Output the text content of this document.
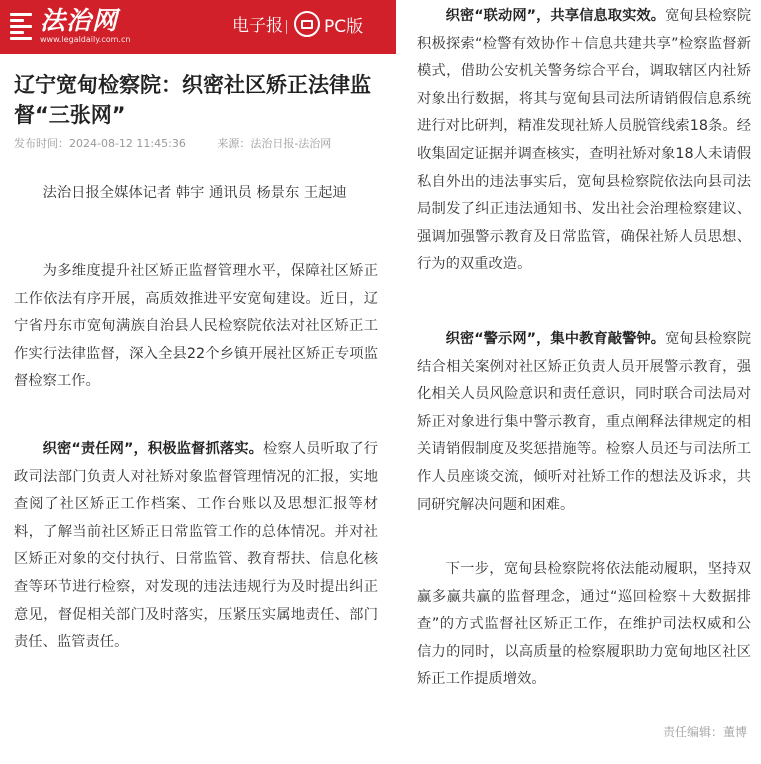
法治网
www.legaldaily.com.cn
电子报 PC版
辽宁宽甸检察院：织密社区矫正法律监督“三张网”
发布时间：2024-08-12 11:45:36	来源：法治日报-法治网

法治日报全媒体记者 韩宇 通讯员 杨景东 王起迪

为多维度提升社区矫正监督管理水平，保障社区矫正工作依法有序开展，高质效推进平安宽甸建设。近日，辽宁省丹东市宽甸满族自治县人民检察院依法对社区矫正工作实行法律监督，深入全县22个乡镇开展社区矫正专项监督检察工作。

织密“责任网”，积极监督抓落实。检察人员听取了行政司法部门负责人对社矫对象监督管理情况的汇报，实地查阅了社区矫正工作档案、工作台账以及思想汇报等材料，了解当前社区矫正日常监管工作的总体情况。并对社区矫正对象的交付执行、日常监管、教育帮扶、信息化核查等环节进行检察，对发现的违法违规行为及时提出纠正意见，督促相关部门及时落实，压紧压实属地责任、部门责任、监管责任。

织密“联动网”，共享信息取实效。宽甸县检察院积极探索“检警有效协作＋信息共建共享”检察监督新模式，借助公安机关警务综合平台，调取辖区内社矫对象出行数据，将其与宽甸县司法所请销假信息系统进行对比研判，精准发现社矫人员脱管线索18条。经收集固定证据并调查核实，查明社矫对象18人未请假私自外出的违法事实后，宽甸县检察院依法向县司法局制发了纠正违法通知书、发出社会治理检察建议、强调加强警示教育及日常监管，确保社矫人员思想、行为的双重改造。

织密“警示网”，集中教育敲警钟。宽甸县检察院结合相关案例对社区矫正负责人员开展警示教育，强化相关人员风险意识和责任意识，同时联合司法局对矫正对象进行集中警示教育，重点阐释法律规定的相关请销假制度及奖惩措施等。检察人员还与司法所工作人员座谈交流，倾听对社矫工作的想法及诉求，共同研究解决问题和困难。

下一步，宽甸县检察院将依法能动履职，坚持双赢多赢共赢的监督理念，通过“巡回检察＋大数据排查”的方式监督社区矫正工作，在维护司法权威和公信力的同时，以高质量的检察履职助力宽甸地区社区矫正工作提质增效。

责任编辑：董博
